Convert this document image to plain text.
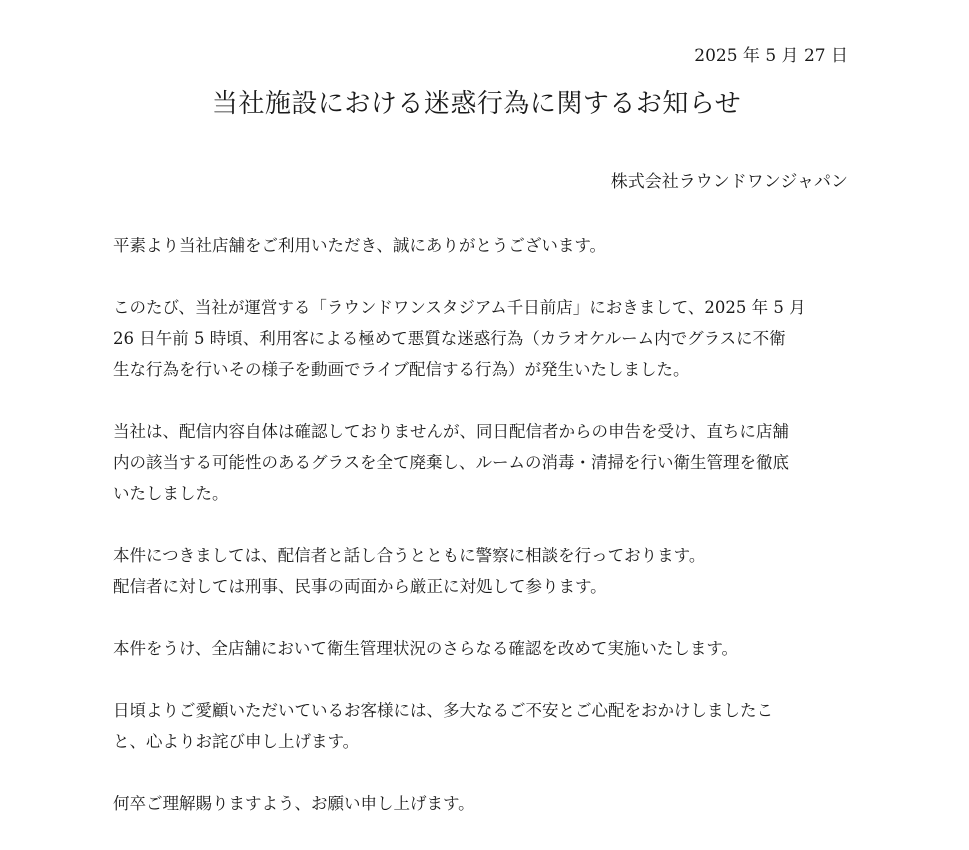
2025 年 5 月 27 日
当社施設における迷惑行為に関するお知らせ
株式会社ラウンドワンジャパン

平素より当社店舗をご利用いただき、誠にありがとうございます。

このたび、当社が運営する「ラウンドワンスタジアム千日前店」におきまして、2025 年 5 月
26 日午前 5 時頃、利用客による極めて悪質な迷惑行為（カラオケルーム内でグラスに不衛
生な行為を行いその様子を動画でライブ配信する行為）が発生いたしました。

当社は、配信内容自体は確認しておりませんが、同日配信者からの申告を受け、直ちに店舗
内の該当する可能性のあるグラスを全て廃棄し、ルームの消毒・清掃を行い衛生管理を徹底
いたしました。

本件につきましては、配信者と話し合うとともに警察に相談を行っております。
配信者に対しては刑事、民事の両面から厳正に対処して参ります。

本件をうけ、全店舗において衛生管理状況のさらなる確認を改めて実施いたします。

日頃よりご愛顧いただいているお客様には、多大なるご不安とご心配をおかけしましたこ
と、心よりお詫び申し上げます。

何卒ご理解賜りますよう、お願い申し上げます。
